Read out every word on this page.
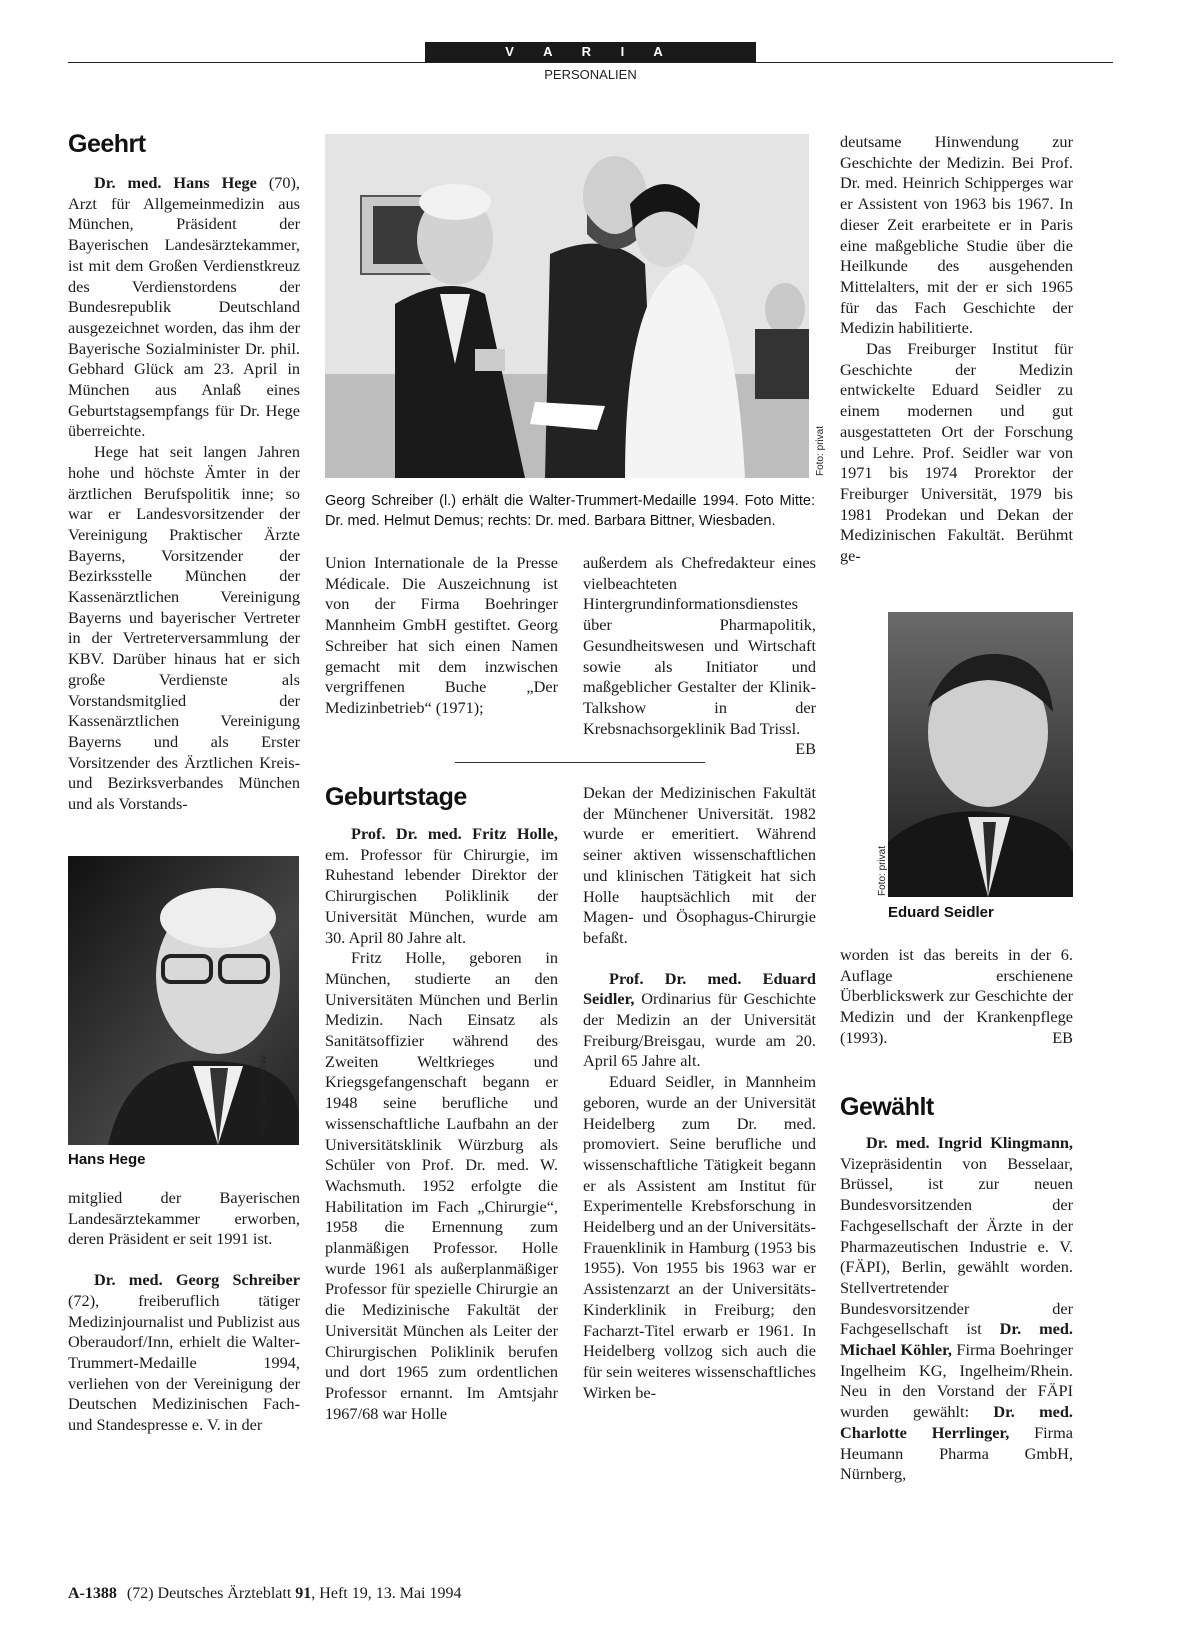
V A R I A
PERSONALIEN
Geehrt

Dr. med. Hans Hege (70), Arzt für Allgemeinmedizin aus München, Präsident der Bayerischen Landesärztekammer, ist mit dem Großen Verdienstkreuz des Verdienstordens der Bundesrepublik Deutschland ausgezeichnet worden, das ihm der Bayerische Sozialminister Dr. phil. Gebhard Glück am 23. April in München aus Anlaß eines Geburtstagsempfangs für Dr. Hege überreichte.

Hege hat seit langen Jahren hohe und höchste Ämter in der ärztlichen Berufspolitik inne; so war er Landesvorsitzender der Vereinigung Praktischer Ärzte Bayerns, Vorsitzender der Bezirksstelle München der Kassenärztlichen Vereinigung Bayerns und bayerischer Vertreter in der Vertreterversammlung der KBV. Darüber hinaus hat er sich große Verdienste als Vorstandsmitglied der Kassenärztlichen Vereinigung Bayerns und als Erster Vorsitzender des Ärztlichen Kreis- und Bezirksverbandes München und als Vorstands-

Foto: privat/Archiv
Hans Hege

mitglied der Bayerischen Landesärztekammer erworben, deren Präsident er seit 1991 ist.

Dr. med. Georg Schreiber (72), freiberuflich tätiger Medizinjournalist und Publizist aus Oberaudorf/Inn, erhielt die Walter-Trummert-Medaille 1994, verliehen von der Vereinigung der Deutschen Medizinischen Fach- und Standespresse e. V. in der

Foto: privat
Georg Schreiber (l.) erhält die Walter-Trummert-Medaille 1994. Foto Mitte: Dr. med. Helmut Demus; rechts: Dr. med. Barbara Bittner, Wiesbaden.

Union Internationale de la Presse Médicale. Die Auszeichnung ist von der Firma Boehringer Mannheim GmbH gestiftet. Georg Schreiber hat sich einen Namen gemacht mit dem inzwischen vergriffenen Buche „Der Medizinbetrieb“ (1971);

Geburtstage

Prof. Dr. med. Fritz Holle, em. Professor für Chirurgie, im Ruhestand lebender Direktor der Chirurgischen Poliklinik der Universität München, wurde am 30. April 80 Jahre alt.

Fritz Holle, geboren in München, studierte an den Universitäten München und Berlin Medizin. Nach Einsatz als Sanitätsoffizier während des Zweiten Weltkrieges und Kriegsgefangenschaft begann er 1948 seine berufliche und wissenschaftliche Laufbahn an der Universitätsklinik Würzburg als Schüler von Prof. Dr. med. W. Wachsmuth. 1952 erfolgte die Habilitation im Fach „Chirurgie“, 1958 die Ernennung zum planmäßigen Professor. Holle wurde 1961 als außerplanmäßiger Professor für spezielle Chirurgie an die Medizinische Fakultät der Universität München als Leiter der Chirurgischen Poliklinik berufen und dort 1965 zum ordentlichen Professor ernannt. Im Amtsjahr 1967/68 war Holle

außerdem als Chefredakteur eines vielbeachteten Hintergrundinformationsdienstes über Pharmapolitik, Gesundheitswesen und Wirtschaft sowie als Initiator und maßgeblicher Gestalter der Klinik-Talkshow in der Krebsnachsorgeklinik Bad Trissl.
EB

Dekan der Medizinischen Fakultät der Münchener Universität. 1982 wurde er emeritiert. Während seiner aktiven wissenschaftlichen und klinischen Tätigkeit hat sich Holle hauptsächlich mit der Magen- und Ösophagus-Chirurgie befaßt.

Prof. Dr. med. Eduard Seidler, Ordinarius für Geschichte der Medizin an der Universität Freiburg/Breisgau, wurde am 20. April 65 Jahre alt.

Eduard Seidler, in Mannheim geboren, wurde an der Universität Heidelberg zum Dr. med. promoviert. Seine berufliche und wissenschaftliche Tätigkeit begann er als Assistent am Institut für Experimentelle Krebsforschung in Heidelberg und an der Universitäts-Frauenklinik in Hamburg (1953 bis 1955). Von 1955 bis 1963 war er Assistenzarzt an der Universitäts-Kinderklinik in Freiburg; den Facharzt-Titel erwarb er 1961. In Heidelberg vollzog sich auch die für sein weiteres wissenschaftliches Wirken be-

deutsame Hinwendung zur Geschichte der Medizin. Bei Prof. Dr. med. Heinrich Schipperges war er Assistent von 1963 bis 1967. In dieser Zeit erarbeitete er in Paris eine maßgebliche Studie über die Heilkunde des ausgehenden Mittelalters, mit der er sich 1965 für das Fach Geschichte der Medizin habilitierte.

Das Freiburger Institut für Geschichte der Medizin entwickelte Eduard Seidler zu einem modernen und gut ausgestatteten Ort der Forschung und Lehre. Prof. Seidler war von 1971 bis 1974 Prorektor der Freiburger Universität, 1979 bis 1981 Prodekan und Dekan der Medizinischen Fakultät. Berühmt ge-

Foto: privat
Eduard Seidler

worden ist das bereits in der 6. Auflage erschienene Überblickswerk zur Geschichte der Medizin und der Krankenpflege (1993).	EB

Gewählt

Dr. med. Ingrid Klingmann, Vizepräsidentin von Besselaar, Brüssel, ist zur neuen Bundesvorsitzenden der Fachgesellschaft der Ärzte in der Pharmazeutischen Industrie e. V. (FÄPI), Berlin, gewählt worden. Stellvertretender Bundesvorsitzender der Fachgesellschaft ist Dr. med. Michael Köhler, Firma Boehringer Ingelheim KG, Ingelheim/Rhein. Neu in den Vorstand der FÄPI wurden gewählt: Dr. med. Charlotte Herrlinger, Firma Heumann Pharma GmbH, Nürnberg,

A-1388 (72) Deutsches Ärzteblatt 91, Heft 19, 13. Mai 1994
